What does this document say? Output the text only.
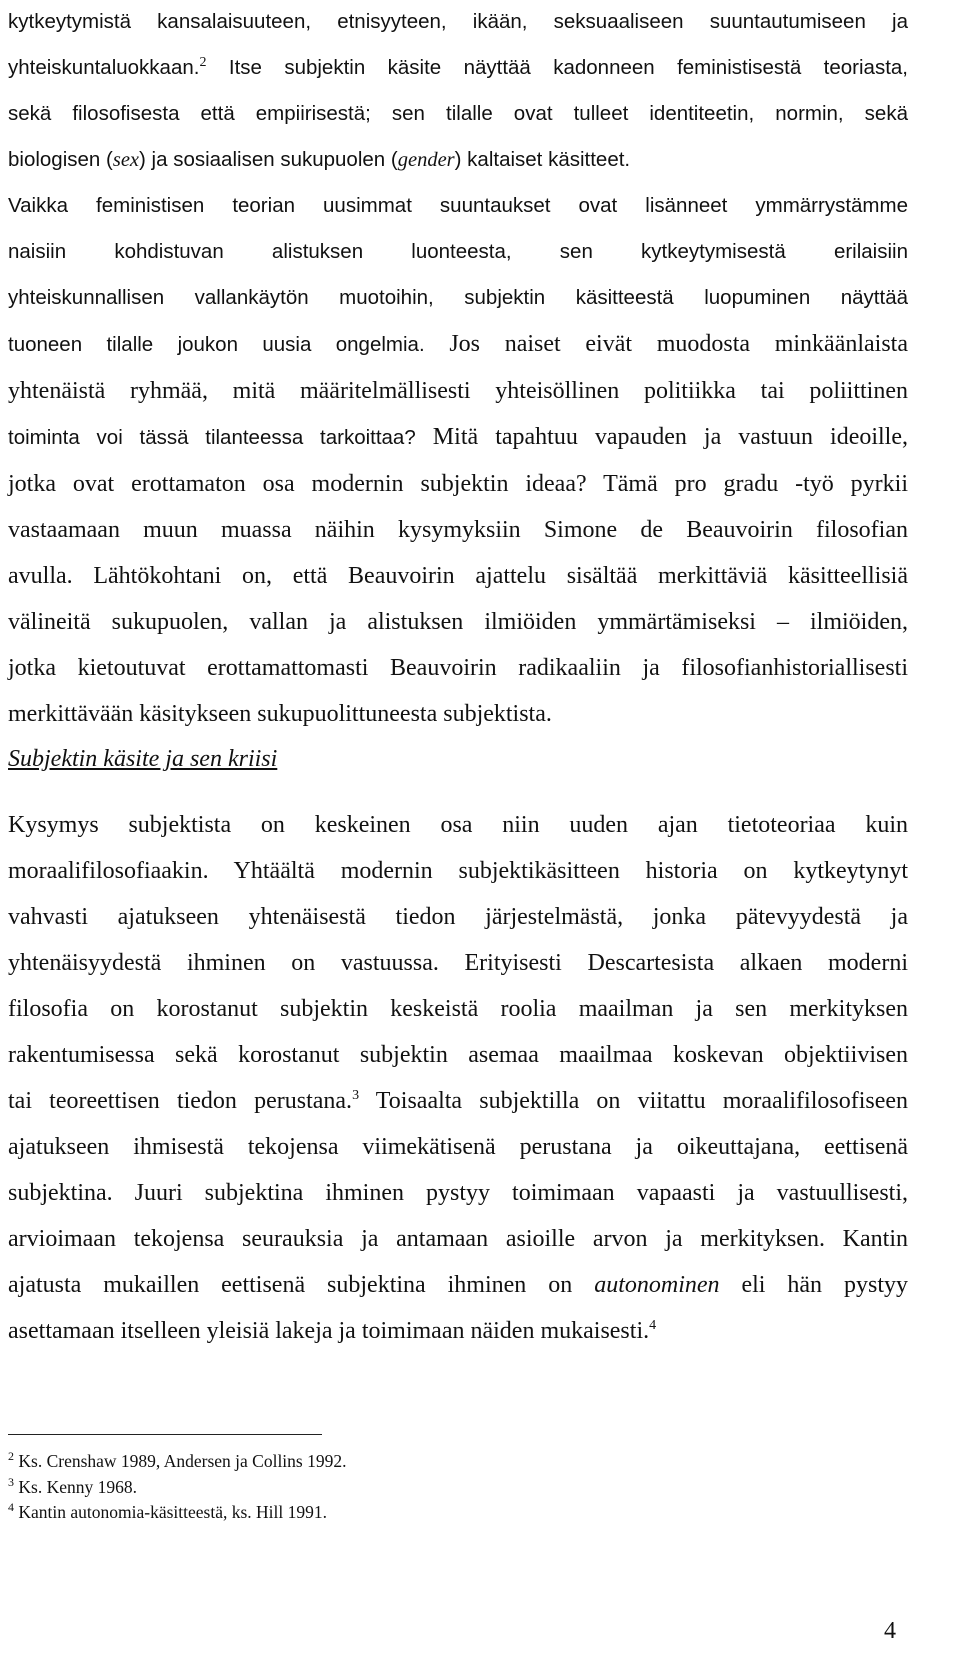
kytkeytymistä kansalaisuuteen, etnisyyteen, ikään, seksuaaliseen suuntautumiseen ja
yhteiskuntaluokkaan.$^2$ Itse subjektin käsite näyttää kadonneen feministisestä teoriasta,
sekä filosofisesta että empiirisestä; sen tilalle ovat tulleet identiteetin, normin, sekä
biologisen (sex) ja sosiaalisen sukupuolen (gender) kaltaiset käsitteet.
Vaikka feministisen teorian uusimmat suuntaukset ovat lisänneet ymmärrystämme
naisiin kohdistuvan alistuksen luonteesta, sen kytkeytymisestä erilaisiin
yhteiskunnallisen vallankäytön muotoihin, subjektin käsitteestä luopuminen näyttää
tuoneen tilalle joukon uusia ongelmia. Jos naiset eivät muodosta minkäänlaista
yhtenäistä ryhmää, mitä määritelmällisesti yhteisöllinen politiikka tai poliittinen
toiminta voi tässä tilanteessa tarkoittaa? Mitä tapahtuu vapauden ja vastuun ideoille,
jotka ovat erottamaton osa modernin subjektin ideaa? Tämä pro gradu -työ pyrkii
vastaamaan muun muassa näihin kysymyksiin Simone de Beauvoirin filosofian
avulla. Lähtökohtani on, että Beauvoirin ajattelu sisältää merkittäviä käsitteellisiä
välineitä sukupuolen, vallan ja alistuksen ilmiöiden ymmärtämiseksi – ilmiöiden,
jotka kietoutuvat erottamattomasti Beauvoirin radikaaliin ja filosofianhistoriallisesti
merkittävään käsitykseen sukupuolittuneesta subjektista.

Subjektin käsite ja sen kriisi

Kysymys subjektista on keskeinen osa niin uuden ajan tietoteoriaa kuin
moraalifilosofiaakin. Yhtäältä modernin subjektikäsitteen historia on kytkeytynyt
vahvasti ajatukseen yhtenäisestä tiedon järjestelmästä, jonka pätevyydestä ja
yhtenäisyydestä ihminen on vastuussa. Erityisesti Descartesista alkaen moderni
filosofia on korostanut subjektin keskeistä roolia maailman ja sen merkityksen
rakentumisessa sekä korostanut subjektin asemaa maailmaa koskevan objektiivisen
tai teoreettisen tiedon perustana.$^3$ Toisaalta subjektilla on viitattu moraalifilosofiseen
ajatukseen ihmisestä tekojensa viimekätisenä perustana ja oikeuttajana, eettisenä
subjektina. Juuri subjektina ihminen pystyy toimimaan vapaasti ja vastuullisesti,
arvioimaan tekojensa seurauksia ja antamaan asioille arvon ja merkityksen. Kantin
ajatusta mukaillen eettisenä subjektina ihminen on autonominen eli hän pystyy
asettamaan itselleen yleisiä lakeja ja toimimaan näiden mukaisesti.$^4$

$^2$ Ks. Crenshaw 1989, Andersen ja Collins 1992.

$^3$ Ks. Kenny 1968.

$^4$ Kantin autonomia-käsitteestä, ks. Hill 1991.

4
